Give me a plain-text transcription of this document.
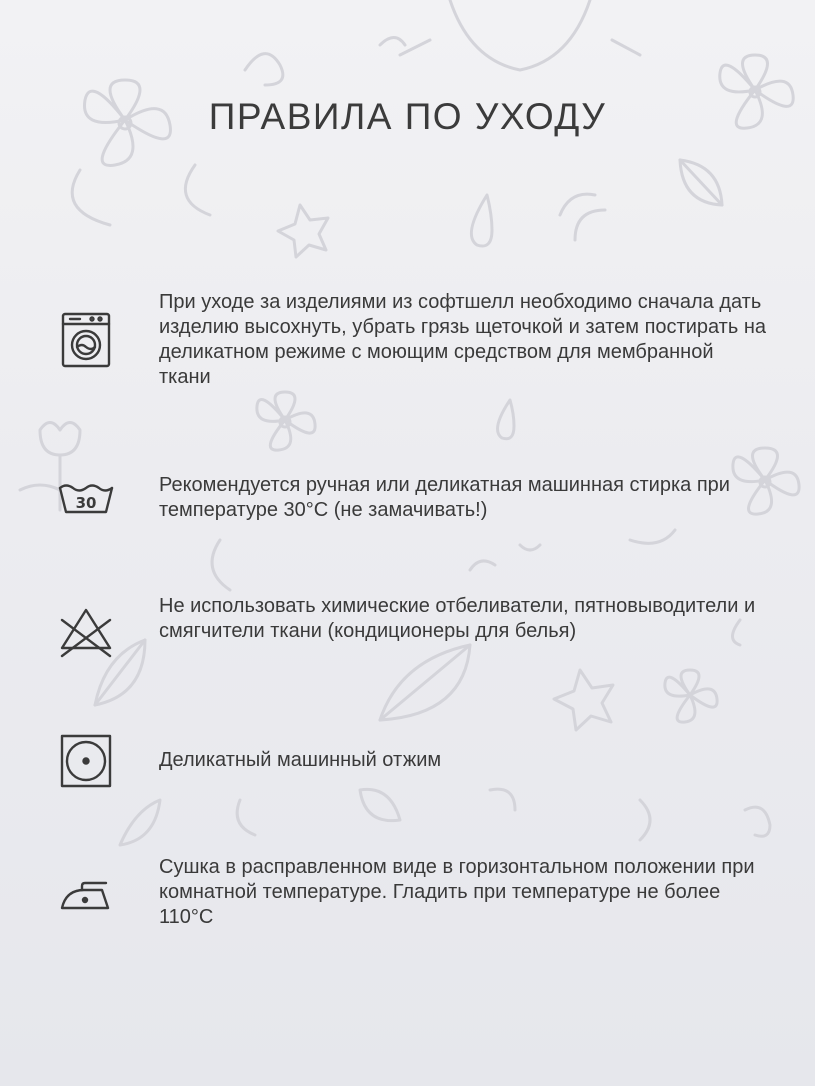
ПРАВИЛА ПО УХОДУ
При уходе за изделиями из софтшелл необходимо сначала дать изделию высохнуть, убрать грязь щеточкой и затем постирать на деликатном режиме с моющим средством для мембранной ткани
30
Рекомендуется ручная или деликатная машинная стирка при температуре 30°C (не замачивать!)
Не использовать химические отбеливатели, пятновыводители и смягчители ткани (кондиционеры для белья)
Деликатный машинный отжим
Сушка в расправленном виде в горизонтальном положении при комнатной температуре. Гладить при температуре не более 110°C
